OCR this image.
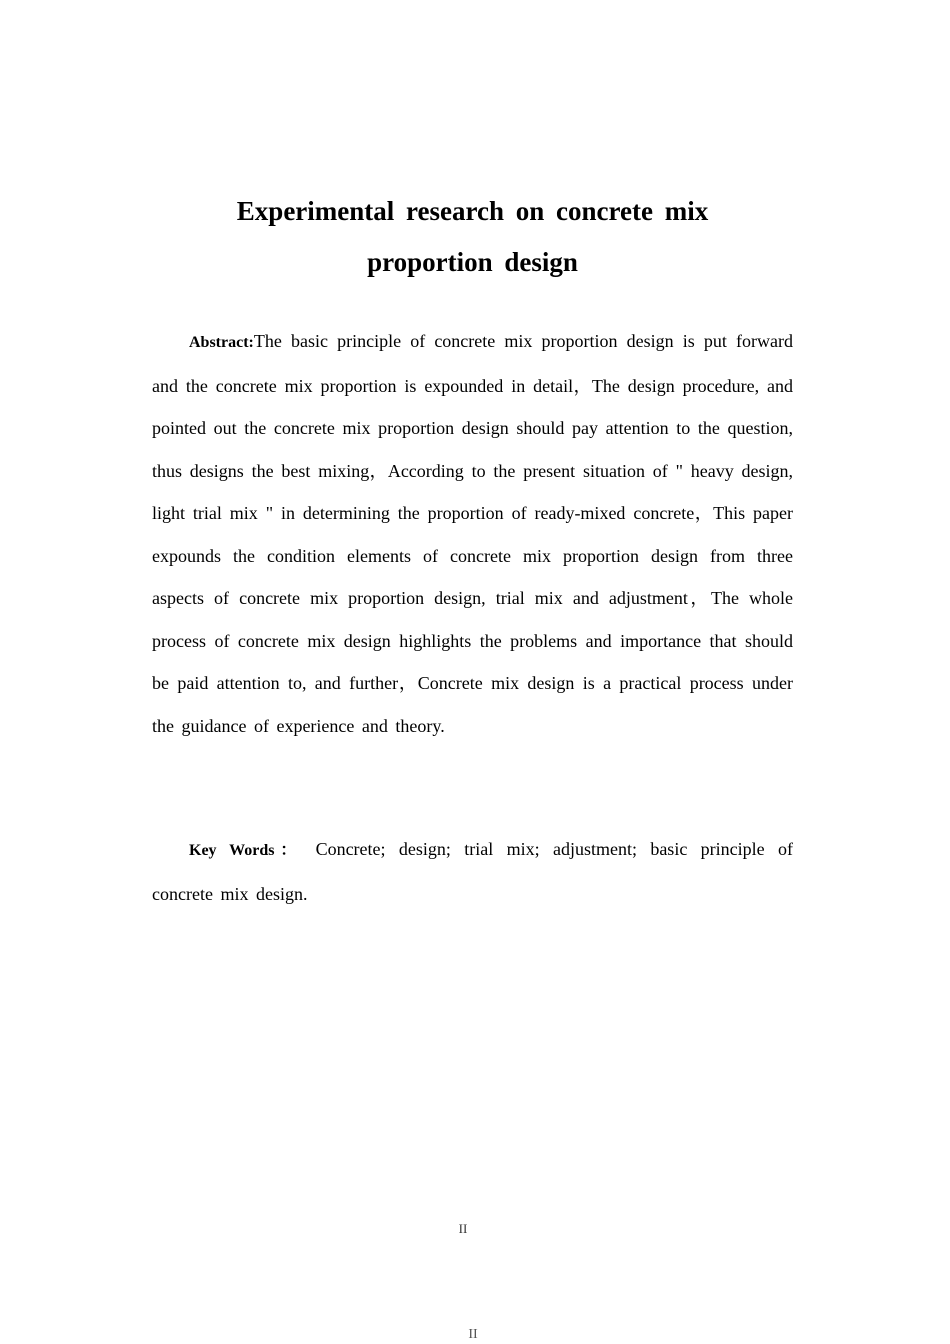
Experimental research on concrete mix
proportion design

Abstract:The basic principle of concrete mix proportion design is put forward and the concrete mix proportion is expounded in detail，The design procedure, and pointed out the concrete mix proportion design should pay attention to the question, thus designs the best mixing，According to the present situation of " heavy design, light trial mix " in determining the proportion of ready-mixed concrete，This paper expounds the condition elements of concrete mix proportion design from three aspects of concrete mix proportion design, trial mix and adjustment，The whole process of concrete mix design highlights the problems and importance that should be paid attention to, and further，Concrete mix design is a practical process under the guidance of experience and theory.

Key Words： Concrete; design; trial mix; adjustment; basic principle of concrete mix design.

II
II
